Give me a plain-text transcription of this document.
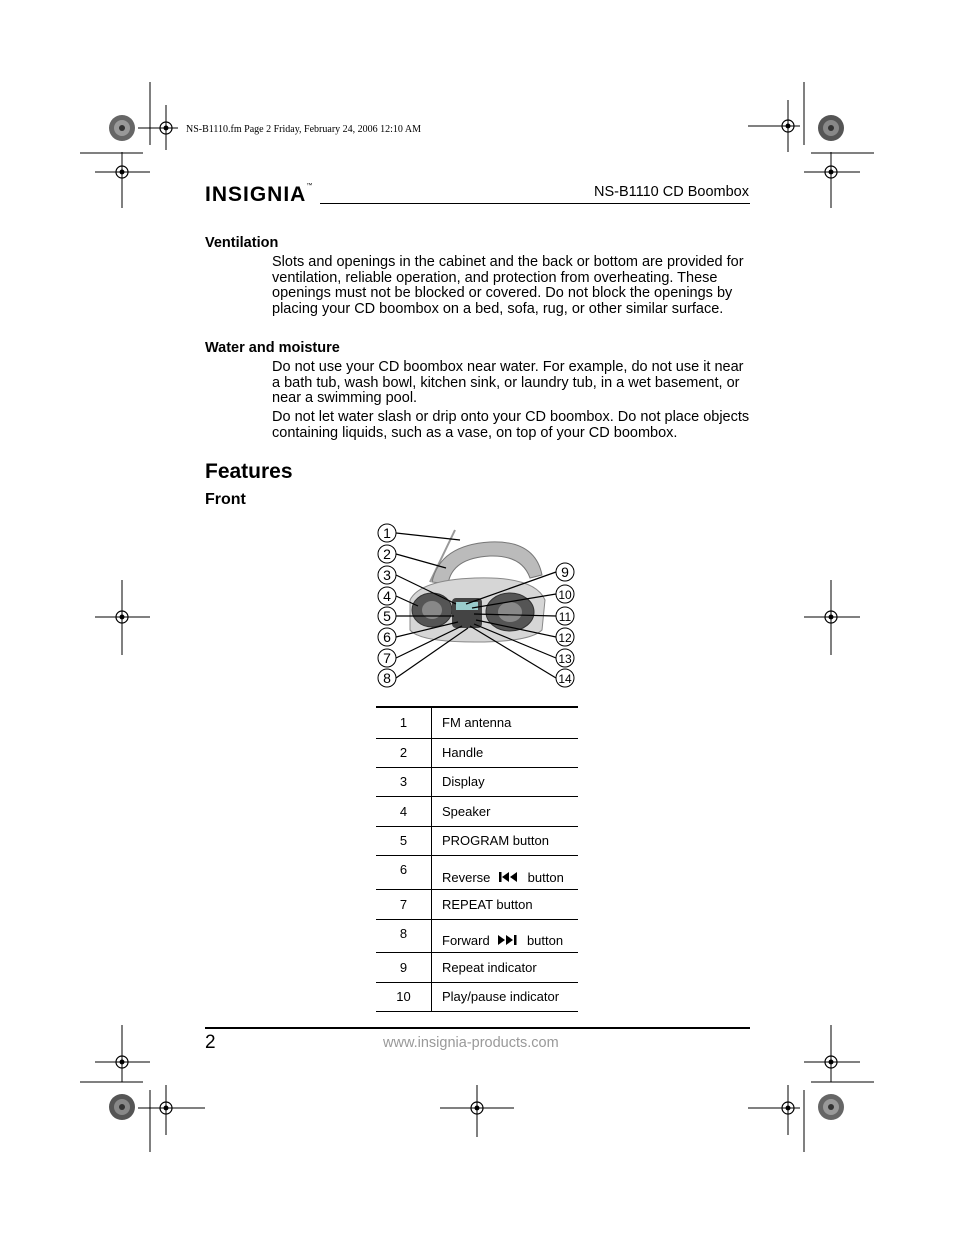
NS-B1110.fm Page 2 Friday, February 24, 2006 12:10 AM
INSIGNIA™	NS-B1110 CD Boombox
Ventilation
Slots and openings in the cabinet and the back or bottom are provided for ventilation, reliable operation, and protection from overheating. These openings must not be blocked or covered. Do not block the openings by placing your CD boombox on a bed, sofa, rug, or other similar surface.
Water and moisture
Do not use your CD boombox near water. For example, do not use it near a bath tub, wash bowl, kitchen sink, or laundry tub, in a wet basement, or near a swimming pool.
Do not let water slash or drip onto your CD boombox. Do not place objects containing liquids, such as a vase, on top of your CD boombox.
Features
Front
1
2
3
4
5
6
7
8
9
10
11
12
13
14
1	FM antenna
2	Handle
3	Display
4	Speaker
5	PROGRAM button
6	Reverse button
7	REPEAT button
8	Forward button
9	Repeat indicator
10	Play/pause indicator
2	www.insignia-products.com
